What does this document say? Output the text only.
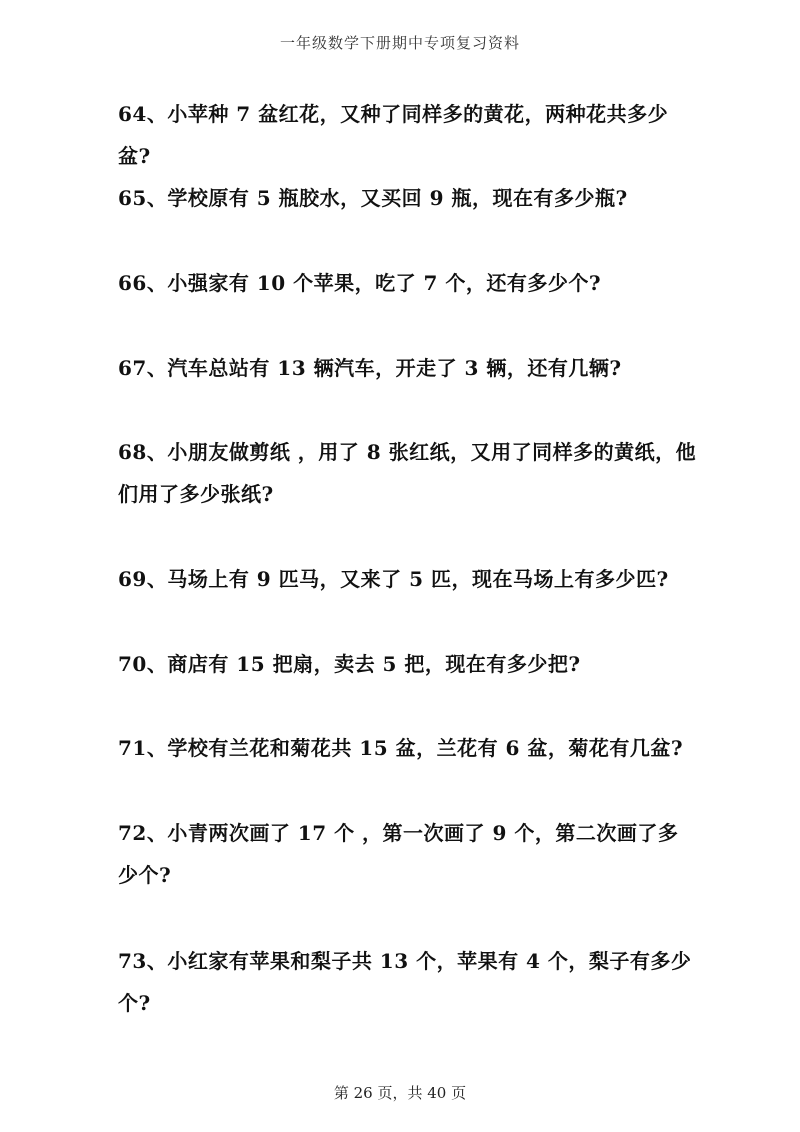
一年级数学下册期中专项复习资料
64、小苹种 7 盆红花，又种了同样多的黄花，两种花共多少盆?
65、学校原有 5 瓶胶水，又买回 9 瓶，现在有多少瓶?
66、小强家有 10 个苹果，吃了 7 个，还有多少个?
67、汽车总站有 13 辆汽车，开走了 3 辆，还有几辆?
68、小朋友做剪纸 ，用了 8 张红纸，又用了同样多的黄纸，他们用了多少张纸?
69、马场上有 9 匹马，又来了 5 匹，现在马场上有多少匹?
70、商店有 15 把扇，卖去 5 把，现在有多少把?
71、学校有兰花和菊花共 15 盆，兰花有 6 盆，菊花有几盆?
72、小青两次画了 17 个 ，第一次画了 9 个，第二次画了多少个?
73、小红家有苹果和梨子共 13 个，苹果有 4 个，梨子有多少个?
第 26 页，共 40 页
